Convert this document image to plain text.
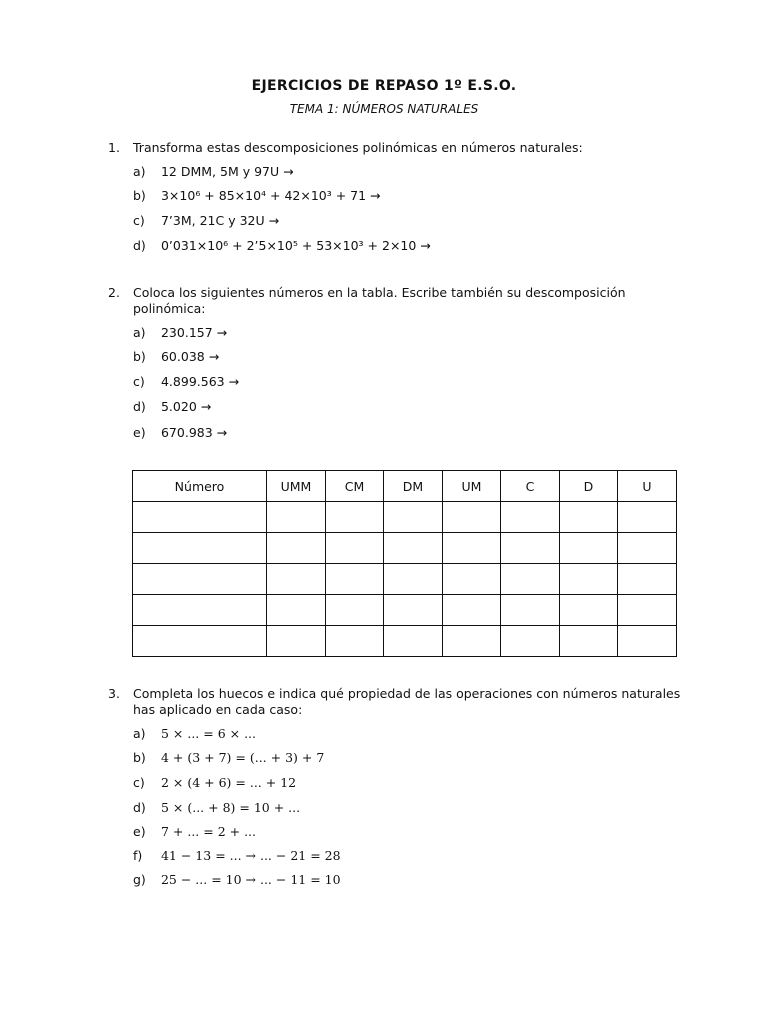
EJERCICIOS DE REPASO 1º E.S.O.
TEMA 1: NÚMEROS NATURALES
1.	Transforma estas descomposiciones polinómicas en números naturales:
a) 12 DMM, 5M y 97U →
b) 3×10⁶ + 85×10⁴ + 42×10³ + 71 →
c) 7’3M, 21C y 32U →
d) 0’031×10⁶ + 2’5×10⁵ + 53×10³ + 2×10 →
2.	Coloca los siguientes números en la tabla. Escribe también su descomposición polinómica:
a) 230.157 →
b) 60.038 →
c) 4.899.563 →
d) 5.020 →
e) 670.983 →
Número	UMM	CM	DM	UM	C	D	U

3.	Completa los huecos e indica qué propiedad de las operaciones con números naturales has aplicado en cada caso:
a) 5 × ... = 6 × ...
b) 4 + (3 + 7) = (... + 3) + 7
c) 2 × (4 + 6) = ... + 12
d) 5 × (... + 8) = 10 + ...
e) 7 + ... = 2 + ...
f) 41 − 13 = ... → ... − 21 = 28
g) 25 − ... = 10 → ... − 11 = 10
